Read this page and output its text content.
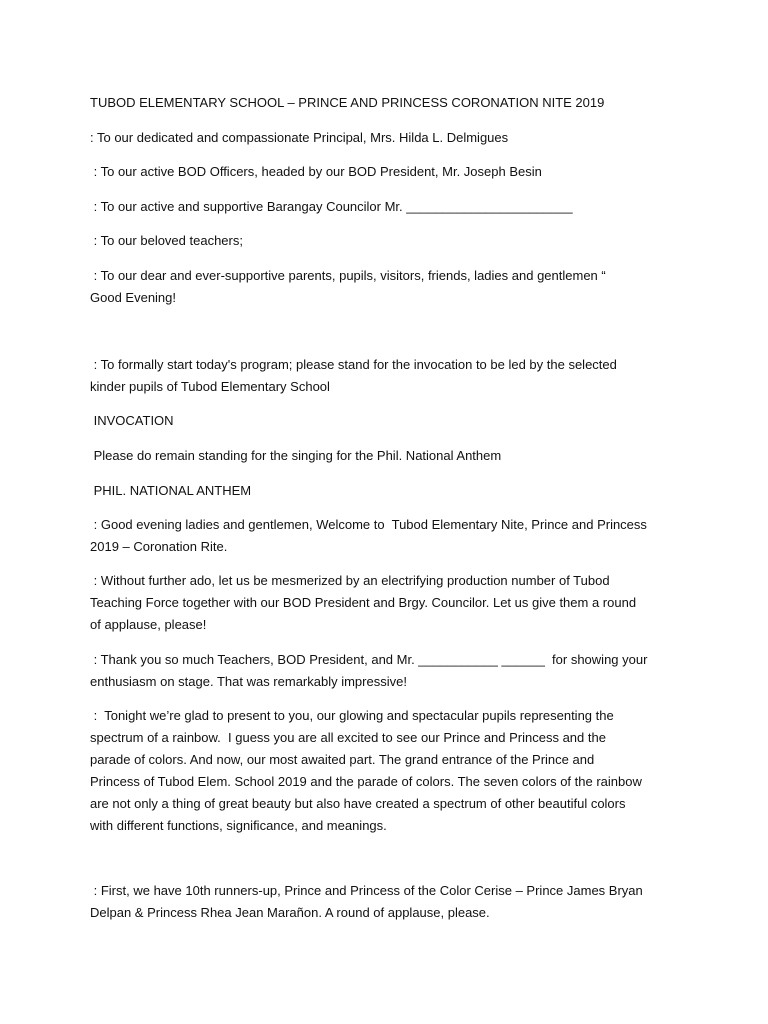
TUBOD ELEMENTARY SCHOOL – PRINCE AND PRINCESS CORONATION NITE 2019

: To our dedicated and compassionate Principal, Mrs. Hilda L. Delmigues

: To our active BOD Officers, headed by our BOD President, Mr. Joseph Besin

: To our active and supportive Barangay Councilor Mr. _______________________

: To our beloved teachers;

: To our dear and ever-supportive parents, pupils, visitors, friends, ladies and gentlemen “
Good Evening!

: To formally start today's program; please stand for the invocation to be led by the selected
kinder pupils of Tubod Elementary School

INVOCATION

Please do remain standing for the singing for the Phil. National Anthem

PHIL. NATIONAL ANTHEM

: Good evening ladies and gentlemen, Welcome to  Tubod Elementary Nite, Prince and Princess
2019 – Coronation Rite.

: Without further ado, let us be mesmerized by an electrifying production number of Tubod
Teaching Force together with our BOD President and Brgy. Councilor. Let us give them a round
of applause, please!

: Thank you so much Teachers, BOD President, and Mr. ___________ ______  for showing your
enthusiasm on stage. That was remarkably impressive!

:  Tonight we’re glad to present to you, our glowing and spectacular pupils representing the
spectrum of a rainbow.  I guess you are all excited to see our Prince and Princess and the
parade of colors. And now, our most awaited part. The grand entrance of the Prince and
Princess of Tubod Elem. School 2019 and the parade of colors. The seven colors of the rainbow
are not only a thing of great beauty but also have created a spectrum of other beautiful colors
with different functions, significance, and meanings.

: First, we have 10th runners-up, Prince and Princess of the Color Cerise – Prince James Bryan
Delpan & Princess Rhea Jean Marañon. A round of applause, please.
